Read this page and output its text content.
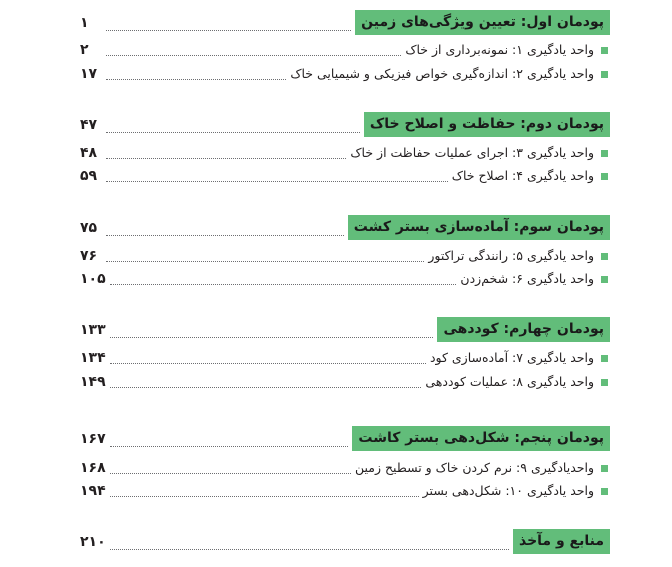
۱	پودمان اول: تعیین ویژگی‌های زمین
۲	واحد یادگیری ۱: نمونه‌برداری از خاک
۱۷	واحد یادگیری ۲: اندازه‌گیری خواص فیزیکی و شیمیایی خاک
۴۷	پودمان دوم: حفاظت و اصلاح خاک
۴۸	واحد یادگیری ۳: اجرای عملیات حفاظت از خاک
۵۹	واحد یادگیری ۴: اصلاح خاک
۷۵	پودمان سوم: آماده‌سازی بستر کشت
۷۶	واحد یادگیری ۵: رانندگی تراکتور
۱۰۵	واحد یادگیری ۶: شخم‌زدن
۱۳۳	پودمان چهارم: کوددهی
۱۳۴	واحد یادگیری ۷: آماده‌سازی کود
۱۴۹	واحد یادگیری ۸: عملیات کوددهی
۱۶۷	پودمان پنجم: شکل‌دهی بستر کاشت
۱۶۸	واحدیادگیری ۹: نرم کردن خاک و تسطیح زمین
۱۹۴	واحد یادگیری ۱۰: شکل‌دهی بستر
۲۱۰	منابع و مآخذ
